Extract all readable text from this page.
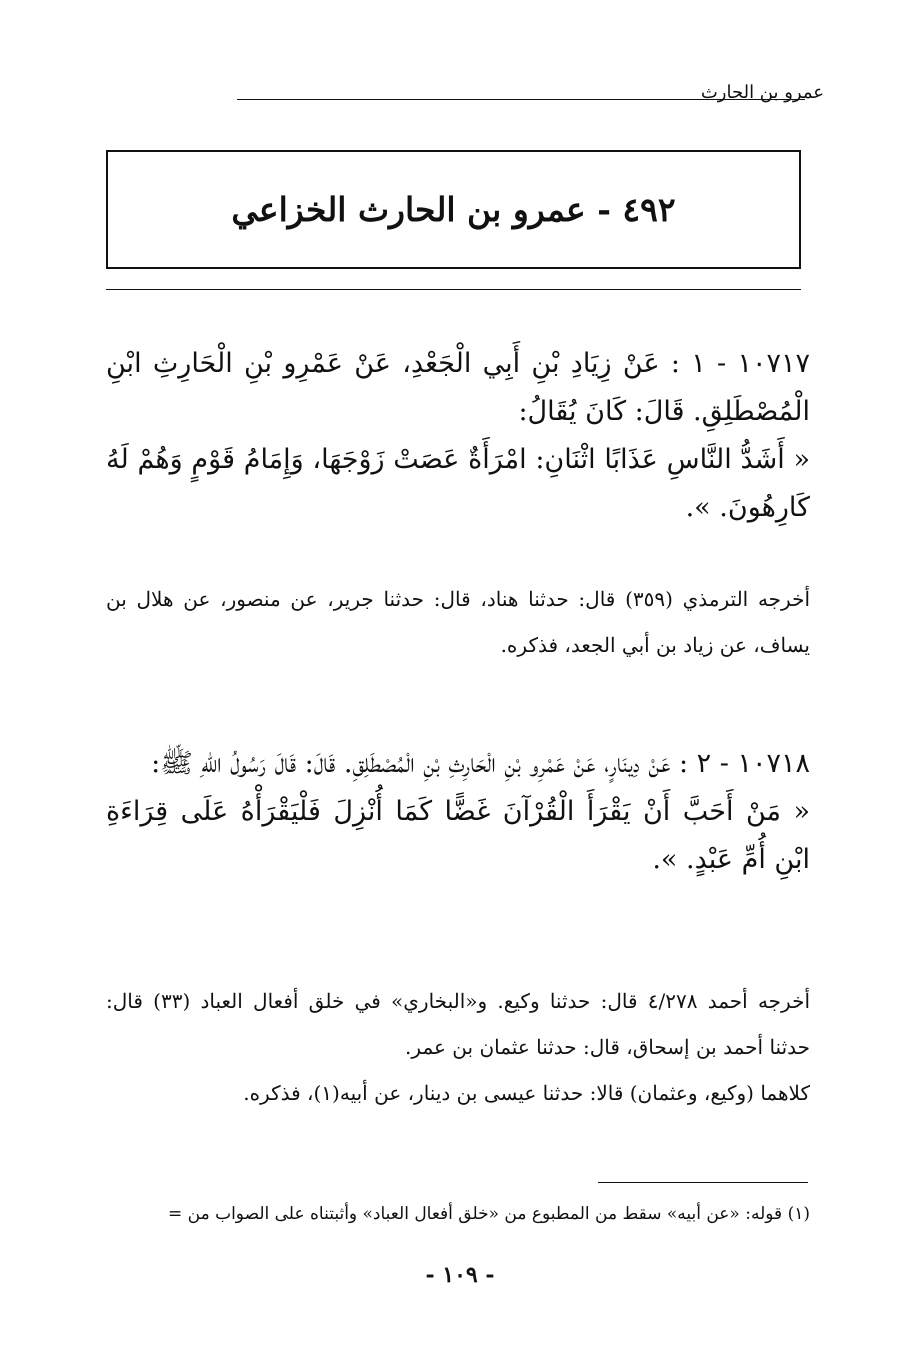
عمرو بن الحارث
٤٩٢ - عمرو بن الحارث الخزاعي

١٠٧١٧ - ١ : عَنْ زِيَادِ بْنِ أَبِي الْجَعْدِ، عَنْ عَمْرِو بْنِ الْحَارِثِ ابْنِ الْمُصْطَلِقِ. قَالَ: كَانَ يُقَالُ:

« أَشَدُّ النَّاسِ عَذَابًا اثْنَانِ: امْرَأَةٌ عَصَتْ زَوْجَهَا، وَإِمَامُ قَوْمٍ وَهُمْ لَهُ كَارِهُونَ. ».

أخرجه الترمذي (٣٥٩) قال: حدثنا هناد، قال: حدثنا جرير، عن منصور، عن هلال بن يساف، عن زياد بن أبي الجعد، فذكره.

١٠٧١٨ - ٢ : عَنْ دِينَارٍ، عَنْ عَمْرِو بْنِ الْحَارِثِ بْنِ الْمُصْطَلِقِ. قَالَ: قَالَ رَسُولُ اللهِ ﷺ:

« مَنْ أَحَبَّ أَنْ يَقْرَأَ الْقُرْآنَ غَضًّا كَمَا أُنْزِلَ فَلْيَقْرَأْهُ عَلَى قِرَاءَةِ ابْنِ أُمِّ عَبْدٍ. ».

أخرجه أحمد ٤/٢٧٨ قال: حدثنا وكيع. و«البخاري» في خلق أفعال العباد (٣٣) قال: حدثنا أحمد بن إسحاق، قال: حدثنا عثمان بن عمر.

كلاهما (وكيع، وعثمان) قالا: حدثنا عيسى بن دينار، عن أبيه(١)، فذكره.

(١) قوله: «عن أبيه» سقط من المطبوع من «خلق أفعال العباد» وأثبتناه على الصواب من =
- ١٠٩ -
